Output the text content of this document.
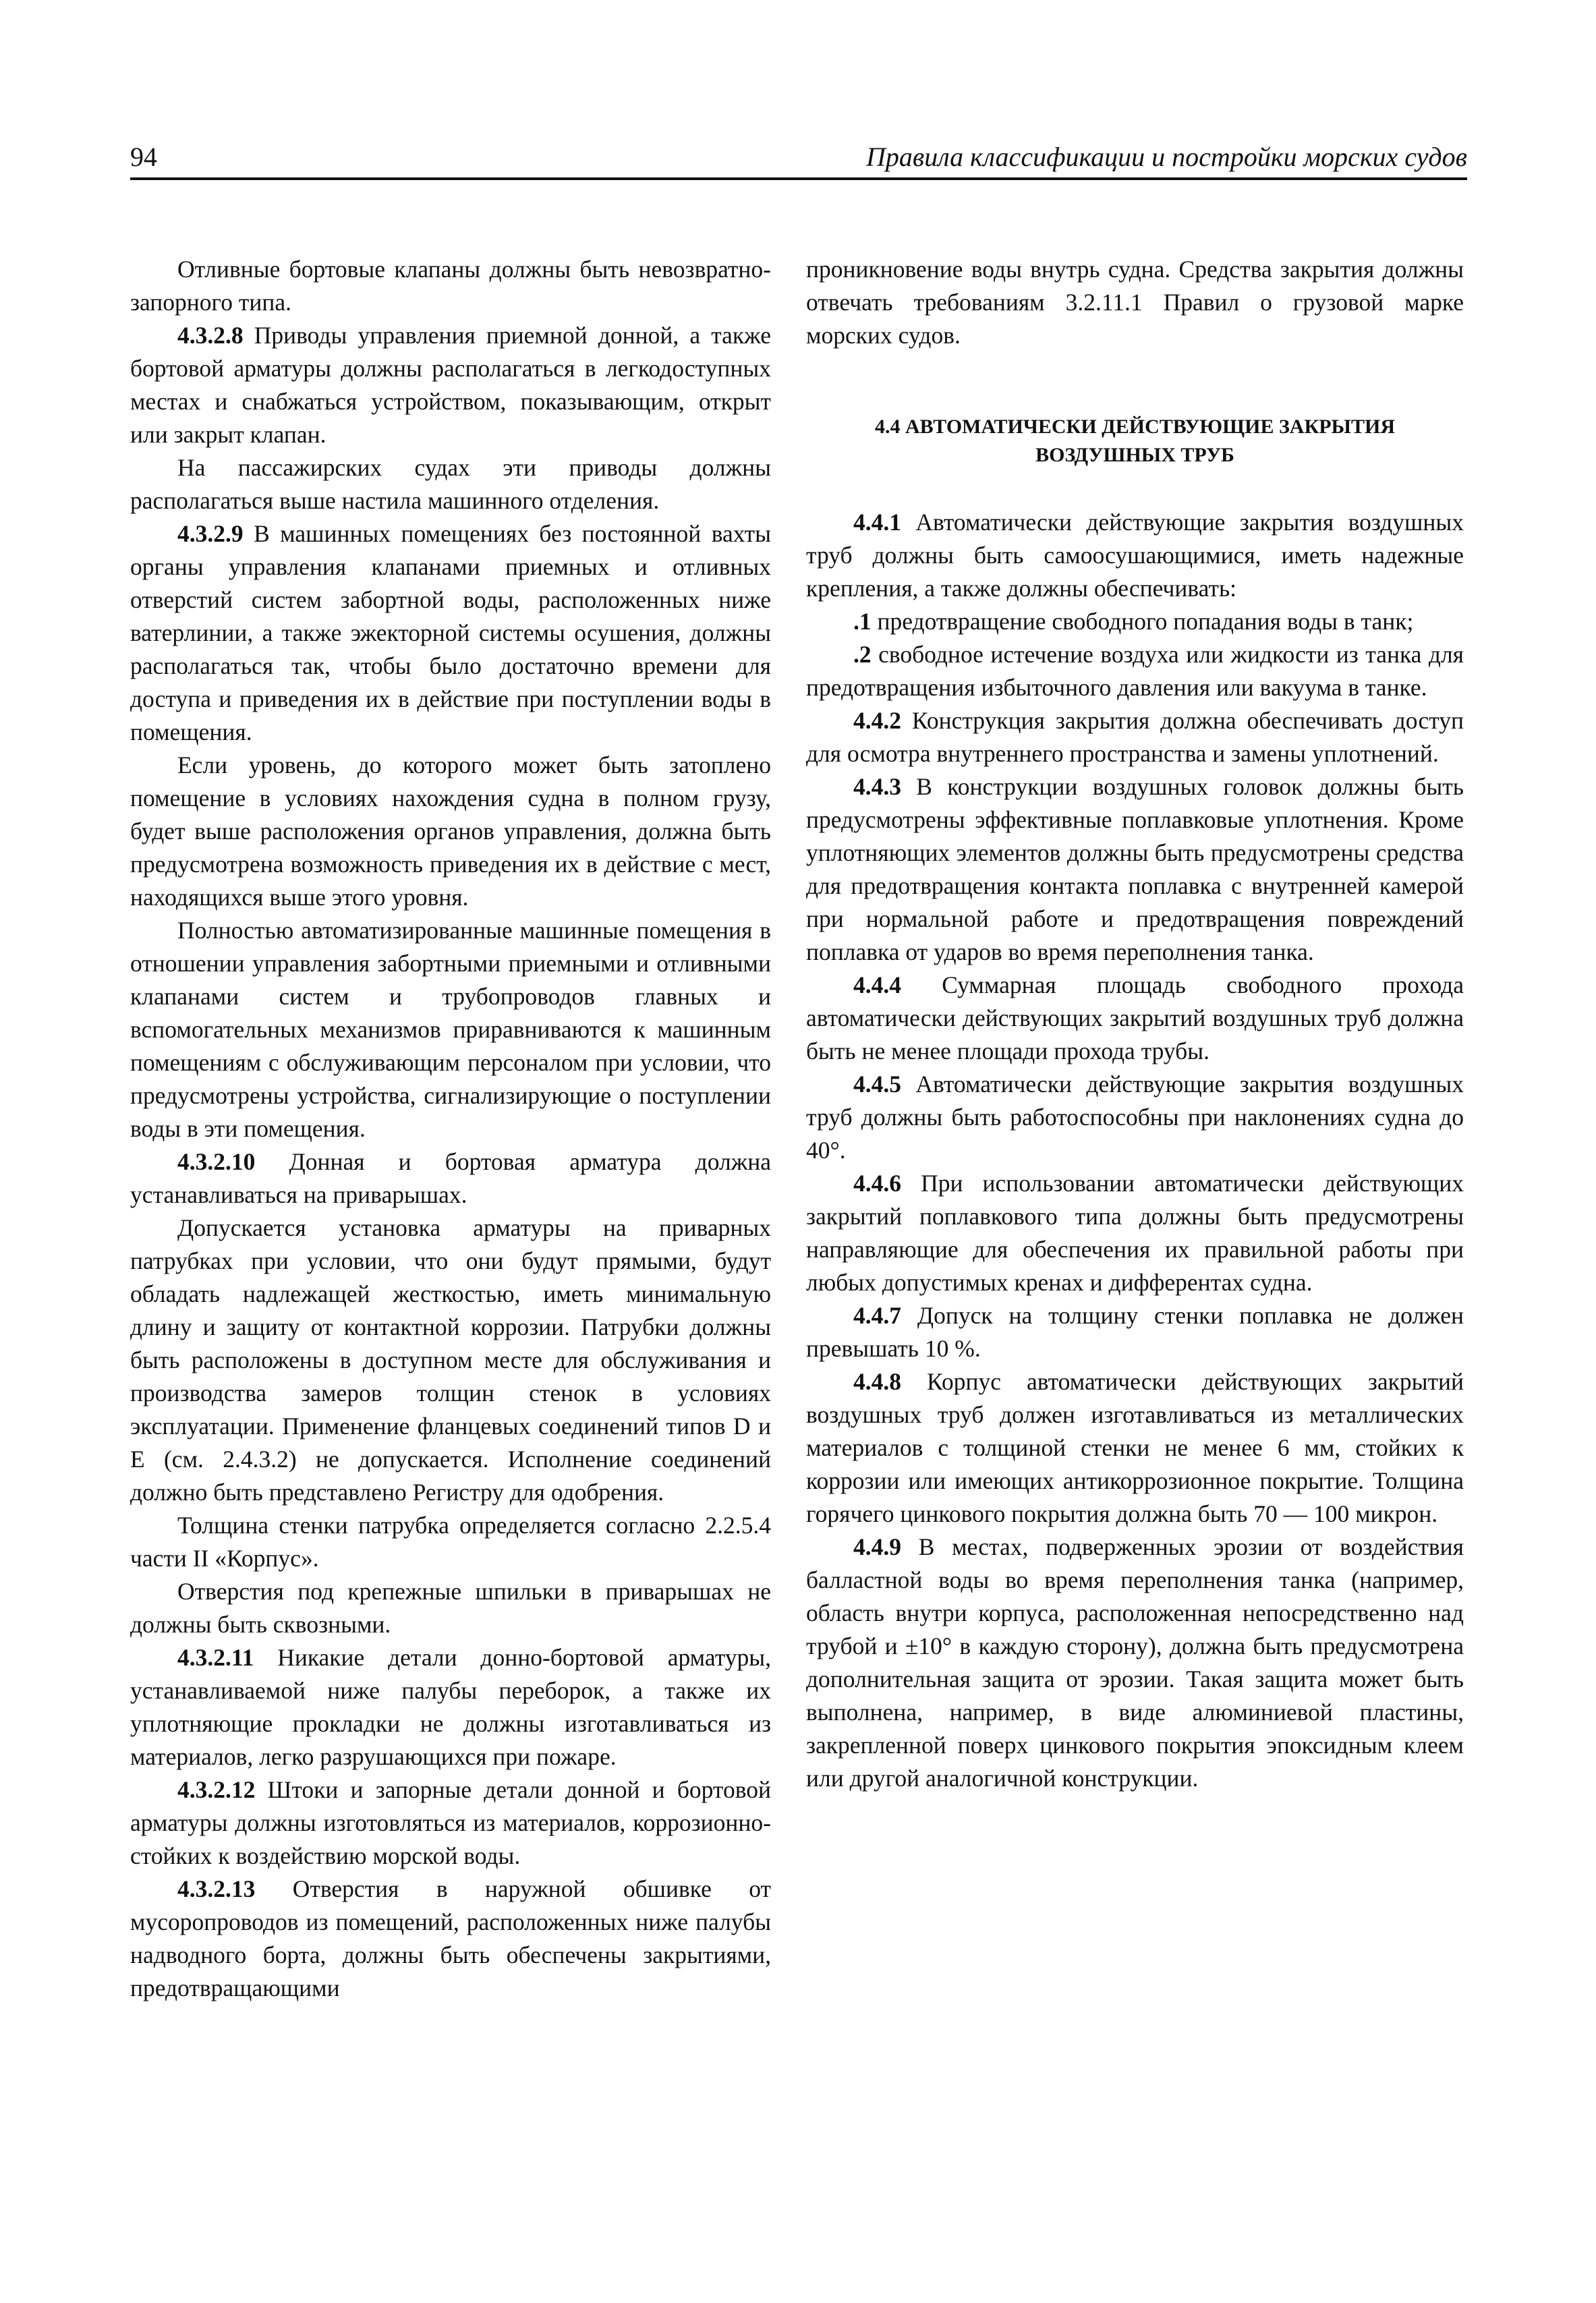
94	Правила классификации и постройки морских судов

Отливные бортовые клапаны должны быть невозвратно-запорного типа.

4.3.2.8 Приводы управления приемной донной, а также бортовой арматуры должны располагаться в легкодоступных местах и снабжаться устройством, показывающим, открыт или закрыт клапан.

На пассажирских судах эти приводы должны располагаться выше настила машинного отделения.

4.3.2.9 В машинных помещениях без постоянной вахты органы управления клапанами приемных и отливных отверстий систем забортной воды, расположенных ниже ватерлинии, а также эжекторной системы осушения, должны располагаться так, чтобы было достаточно времени для доступа и приведения их в действие при поступлении воды в помещения.

Если уровень, до которого может быть затоплено помещение в условиях нахождения судна в полном грузу, будет выше расположения органов управления, должна быть предусмотрена возможность приведения их в действие с мест, находящихся выше этого уровня.

Полностью автоматизированные машинные помещения в отношении управления забортными приемными и отливными клапанами систем и трубопроводов главных и вспомогательных механизмов приравниваются к машинным помещениям с обслуживающим персоналом при условии, что предусмотрены устройства, сигнализирующие о поступлении воды в эти помещения.

4.3.2.10 Донная и бортовая арматура должна устанавливаться на приварышах.

Допускается установка арматуры на приварных патрубках при условии, что они будут прямыми, будут обладать надлежащей жесткостью, иметь минимальную длину и защиту от контактной коррозии. Патрубки должны быть расположены в доступном месте для обслуживания и производства замеров толщин стенок в условиях эксплуатации. Применение фланцевых соединений типов D и E (см. 2.4.3.2) не допускается. Исполнение соединений должно быть представлено Регистру для одобрения.

Толщина стенки патрубка определяется согласно 2.2.5.4 части II «Корпус».

Отверстия под крепежные шпильки в приварышах не должны быть сквозными.

4.3.2.11 Никакие детали донно-бортовой арматуры, устанавливаемой ниже палубы переборок, а также их уплотняющие прокладки не должны изготавливаться из материалов, легко разрушающихся при пожаре.

4.3.2.12 Штоки и запорные детали донной и бортовой арматуры должны изготовляться из материалов, коррозионно-стойких к воздействию морской воды.

4.3.2.13 Отверстия в наружной обшивке от мусоропроводов из помещений, расположенных ниже палубы надводного борта, должны быть обеспечены закрытиями, предотвращающими

проникновение воды внутрь судна. Средства закрытия должны отвечать требованиям 3.2.11.1 Правил о грузовой марке морских судов.

4.4 АВТОМАТИЧЕСКИ ДЕЙСТВУЮЩИЕ ЗАКРЫТИЯ
ВОЗДУШНЫХ ТРУБ

4.4.1 Автоматически действующие закрытия воздушных труб должны быть самоосушающимися, иметь надежные крепления, а также должны обеспечивать:

.1 предотвращение свободного попадания воды в танк;

.2 свободное истечение воздуха или жидкости из танка для предотвращения избыточного давления или вакуума в танке.

4.4.2 Конструкция закрытия должна обеспечивать доступ для осмотра внутреннего пространства и замены уплотнений.

4.4.3 В конструкции воздушных головок должны быть предусмотрены эффективные поплавковые уплотнения. Кроме уплотняющих элементов должны быть предусмотрены средства для предотвращения контакта поплавка с внутренней камерой при нормальной работе и предотвращения повреждений поплавка от ударов во время переполнения танка.

4.4.4 Суммарная площадь свободного прохода автоматически действующих закрытий воздушных труб должна быть не менее площади прохода трубы.

4.4.5 Автоматически действующие закрытия воздушных труб должны быть работоспособны при наклонениях судна до 40°.

4.4.6 При использовании автоматически действующих закрытий поплавкового типа должны быть предусмотрены направляющие для обеспечения их правильной работы при любых допустимых кренах и дифферентах судна.

4.4.7 Допуск на толщину стенки поплавка не должен превышать 10 %.

4.4.8 Корпус автоматически действующих закрытий воздушных труб должен изготавливаться из металлических материалов с толщиной стенки не менее 6 мм, стойких к коррозии или имеющих антикоррозионное покрытие. Толщина горячего цинкового покрытия должна быть 70 — 100 микрон.

4.4.9 В местах, подверженных эрозии от воздействия балластной воды во время переполнения танка (например, область внутри корпуса, расположенная непосредственно над трубой и ±10° в каждую сторону), должна быть предусмотрена дополнительная защита от эрозии. Такая защита может быть выполнена, например, в виде алюминиевой пластины, закрепленной поверх цинкового покрытия эпоксидным клеем или другой аналогичной конструкции.
